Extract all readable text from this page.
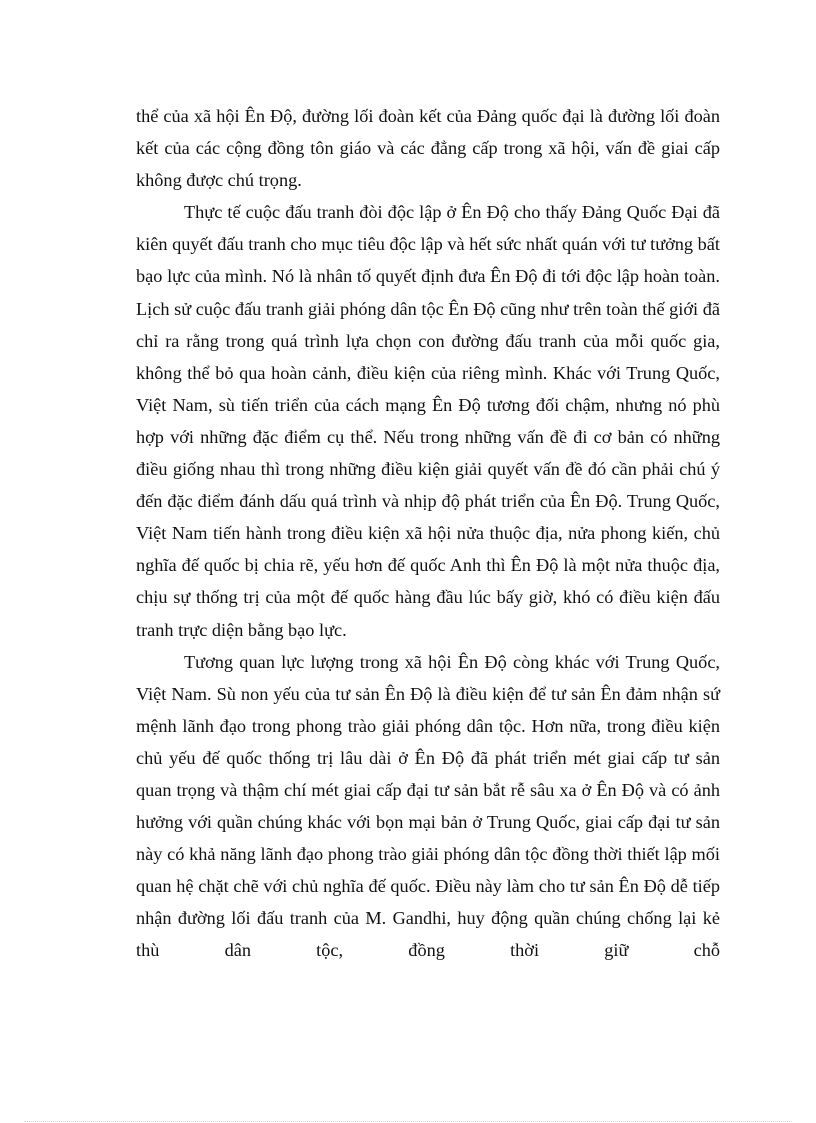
thể của xã hội Ên Độ, đường lối đoàn kết của Đảng quốc đại là đường lối đoàn kết của các cộng đồng tôn giáo và các đẳng cấp trong xã hội, vấn đề giai cấp không được chú trọng.

Thực tế cuộc đấu tranh đòi độc lập ở Ên Độ cho thấy Đảng Quốc Đại đã kiên quyết đấu tranh cho mục tiêu độc lập và hết sức nhất quán với tư tưởng bất bạo lực của mình. Nó là nhân tố quyết định đưa Ên Độ đi tới độc lập hoàn toàn. Lịch sử cuộc đấu tranh giải phóng dân tộc Ên Độ cũng như trên toàn thế giới đã chỉ ra rằng trong quá trình lựa chọn con đường đấu tranh của mỗi quốc gia, không thể bỏ qua hoàn cảnh, điều kiện của riêng mình. Khác với Trung Quốc, Việt Nam, sù tiến triển của cách mạng Ên Độ tương đối chậm, nhưng nó phù hợp với những đặc điểm cụ thể. Nếu trong những vấn đề đi cơ bản có những điều giống nhau thì trong những điều kiện giải quyết vấn đề đó cần phải chú ý đến đặc điểm đánh dấu quá trình và nhịp độ phát triển của Ên Độ. Trung Quốc, Việt Nam tiến hành trong điều kiện xã hội nửa thuộc địa, nửa phong kiến, chủ nghĩa đế quốc bị chia rẽ, yếu hơn đế quốc Anh thì Ên Độ là một nửa thuộc địa, chịu sự thống trị của một đế quốc hàng đầu lúc bấy giờ, khó có điều kiện đấu tranh trực diện bằng bạo lực.

Tương quan lực lượng trong xã hội Ên Độ còng khác với Trung Quốc, Việt Nam. Sù non yếu của tư sản Ên Độ là điều kiện để tư sản Ên đảm nhận sứ mệnh lãnh đạo trong phong trào giải phóng dân tộc. Hơn nữa, trong điều kiện chủ yếu đế quốc thống trị lâu dài ở Ên Độ đã phát triển mét giai cấp tư sản quan trọng và thậm chí mét giai cấp đại tư sản bắt rễ sâu xa ở Ên Độ và có ảnh hưởng với quần chúng khác với bọn mại bản ở Trung Quốc, giai cấp đại tư sản này có khả năng lãnh đạo phong trào giải phóng dân tộc đồng thời thiết lập mối quan hệ chặt chẽ với chủ nghĩa đế quốc. Điều này làm cho tư sản Ên Độ dễ tiếp nhận đường lối đấu tranh của M. Gandhi, huy động quần chúng chống lại kẻ thù dân tộc, đồng thời giữ chỗ
